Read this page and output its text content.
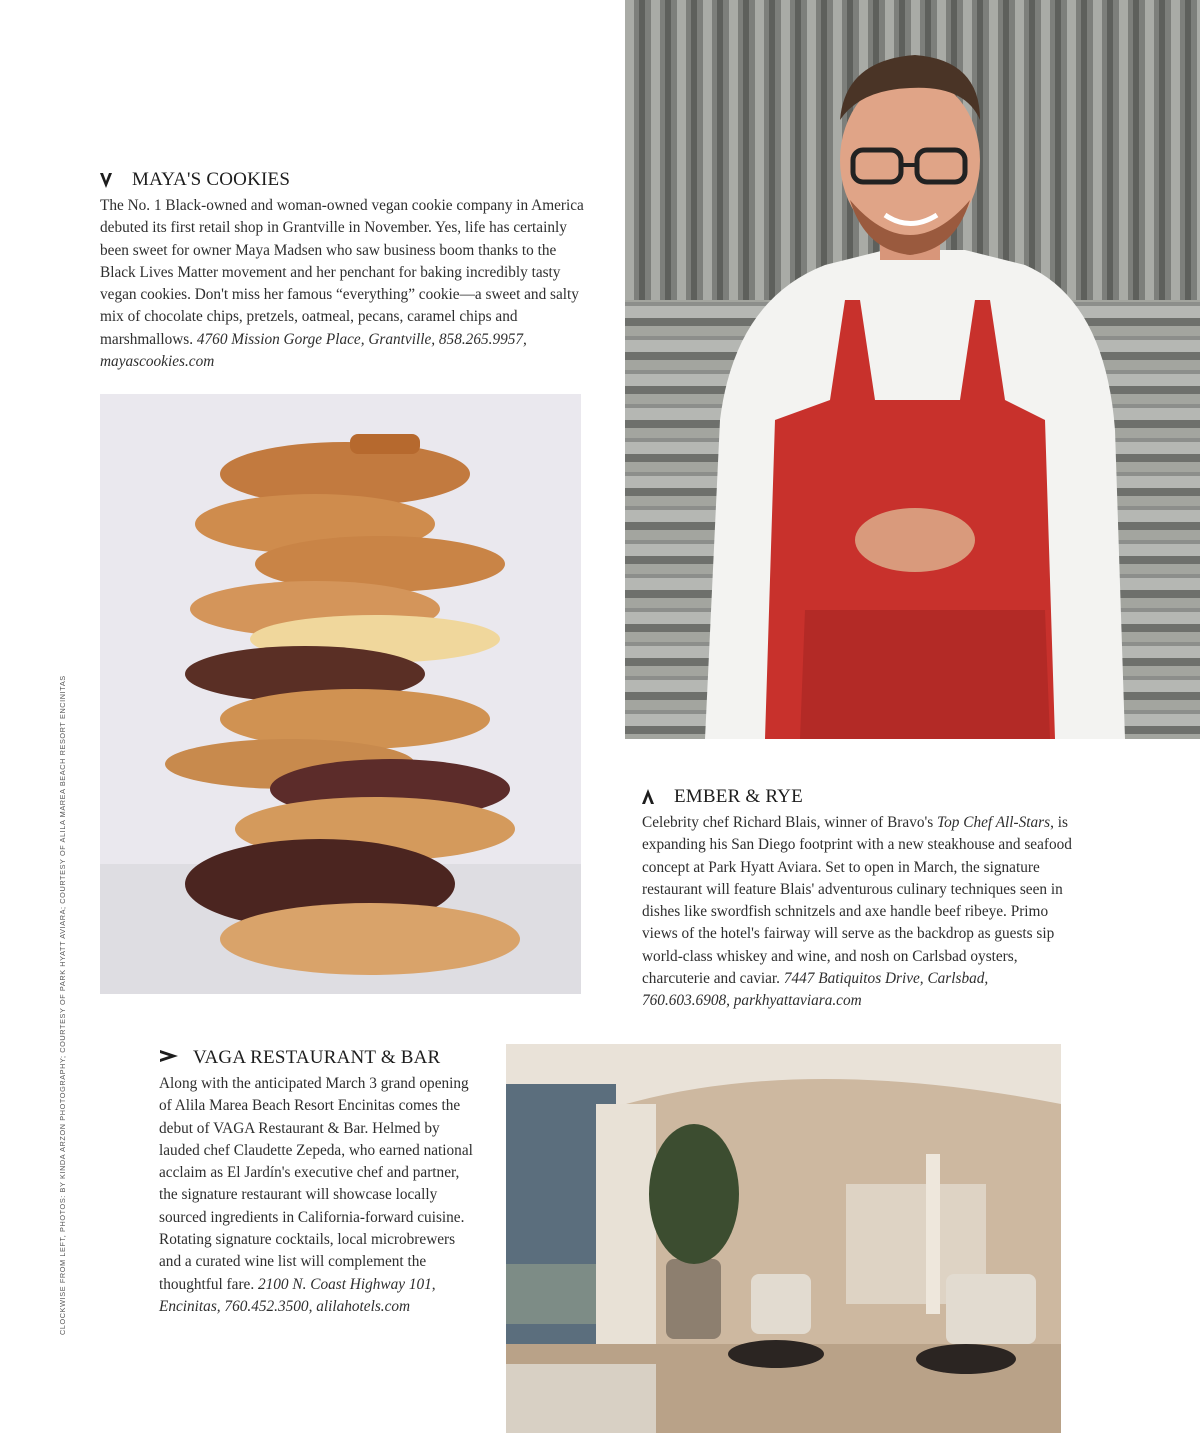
CLOCKWISE FROM LEFT, PHOTOS: BY KINDA ARZON PHOTOGRAPHY; COURTESY OF PARK HYATT AVIARA; COURTESY OF ALILA MAREA BEACH RESORT ENCINITAS
MAYA'S COOKIES

The No. 1 Black-owned and woman-owned vegan cookie company in America debuted its first retail shop in Grantville in November. Yes, life has certainly been sweet for owner Maya Madsen who saw business boom thanks to the Black Lives Matter movement and her penchant for baking incredibly tasty vegan cookies. Don't miss her famous “everything” cookie—a sweet and salty mix of chocolate chips, pretzels, oatmeal, pecans, caramel chips and marshmallows. 4760 Mission Gorge Place, Grantville, 858.265.9957, mayascookies.com

EMBER & RYE

Celebrity chef Richard Blais, winner of Bravo's Top Chef All-Stars, is expanding his San Diego footprint with a new steakhouse and seafood concept at Park Hyatt Aviara. Set to open in March, the signature restaurant will feature Blais' adventurous culinary techniques seen in dishes like swordfish schnitzels and axe handle beef ribeye. Primo views of the hotel's fairway will serve as the backdrop as guests sip world-class whiskey and wine, and nosh on Carlsbad oysters, charcuterie and caviar. 7447 Batiquitos Drive, Carlsbad, 760.603.6908, parkhyattaviara.com

VAGA RESTAURANT & BAR

Along with the anticipated March 3 grand opening of Alila Marea Beach Resort Encinitas comes the debut of VAGA Restaurant & Bar. Helmed by lauded chef Claudette Zepeda, who earned national acclaim as El Jardín's executive chef and partner, the signature restaurant will showcase locally sourced ingredients in California-forward cuisine. Rotating signature cocktails, local microbrewers and a curated wine list will complement the thoughtful fare. 2100 N. Coast Highway 101, Encinitas, 760.452.3500, alilahotels.com
